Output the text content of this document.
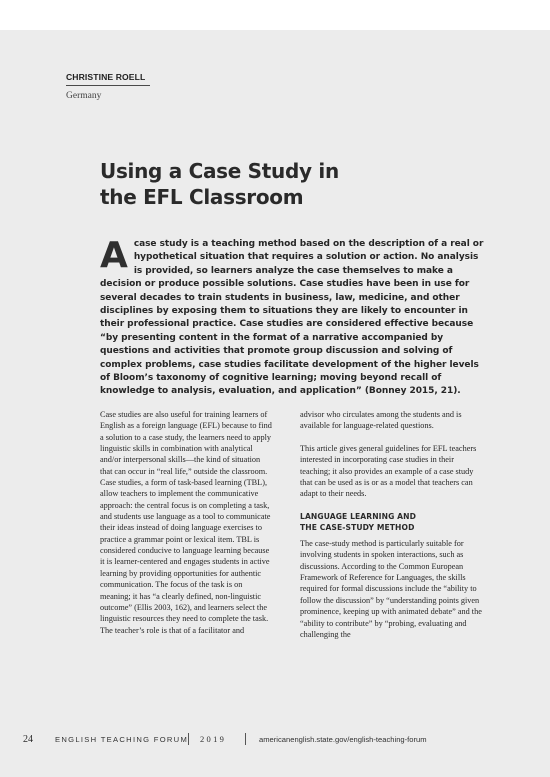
CHRISTINE ROELL
Germany
Using a Case Study in
the EFL Classroom
Acase study is a teaching method based on the description of a real or hypothetical situation that requires a solution or action. No analysis is provided, so learners analyze the case themselves to make a decision or produce possible solutions. Case studies have been in use for several decades to train students in business, law, medicine, and other disciplines by exposing them to situations they are likely to encounter in their professional practice. Case studies are considered effective because “by presenting content in the format of a narrative accompanied by questions and activities that promote group discussion and solving of complex problems, case studies facilitate development of the higher levels of Bloom’s taxonomy of cognitive learning; moving beyond recall of knowledge to analysis, evaluation, and application” (Bonney 2015, 21).

Case studies are also useful for training learners of English as a foreign language (EFL) because to find a solution to a case study, the learners need to apply linguistic skills in combination with analytical and/or interpersonal skills—the kind of situation that can occur in “real life,” outside the classroom. Case studies, a form of task-based learning (TBL), allow teachers to implement the communicative approach: the central focus is on completing a task, and students use language as a tool to communicate their ideas instead of doing language exercises to practice a grammar point or lexical item. TBL is considered conducive to language learning because it is learner-centered and engages students in active learning by providing opportunities for authentic communication. The focus of the task is on meaning; it has “a clearly defined, non-linguistic outcome” (Ellis 2003, 162), and learners select the linguistic resources they need to complete the task. The teacher’s role is that of a facilitator and

advisor who circulates among the students and is available for language-related questions.

This article gives general guidelines for EFL teachers interested in incorporating case studies in their teaching; it also provides an example of a case study that can be used as is or as a model that teachers can adapt to their needs.

LANGUAGE LEARNING AND
THE CASE-STUDY METHOD

The case-study method is particularly suitable for involving students in spoken interactions, such as discussions. According to the Common European Framework of Reference for Languages, the skills required for formal discussions include the “ability to follow the discussion” by “understanding points given prominence, keeping up with animated debate” and the “ability to contribute” by “probing, evaluating and challenging the

24	ENGLISH TEACHING FORUM 2019	americanenglish.state.gov/english-teaching-forum
